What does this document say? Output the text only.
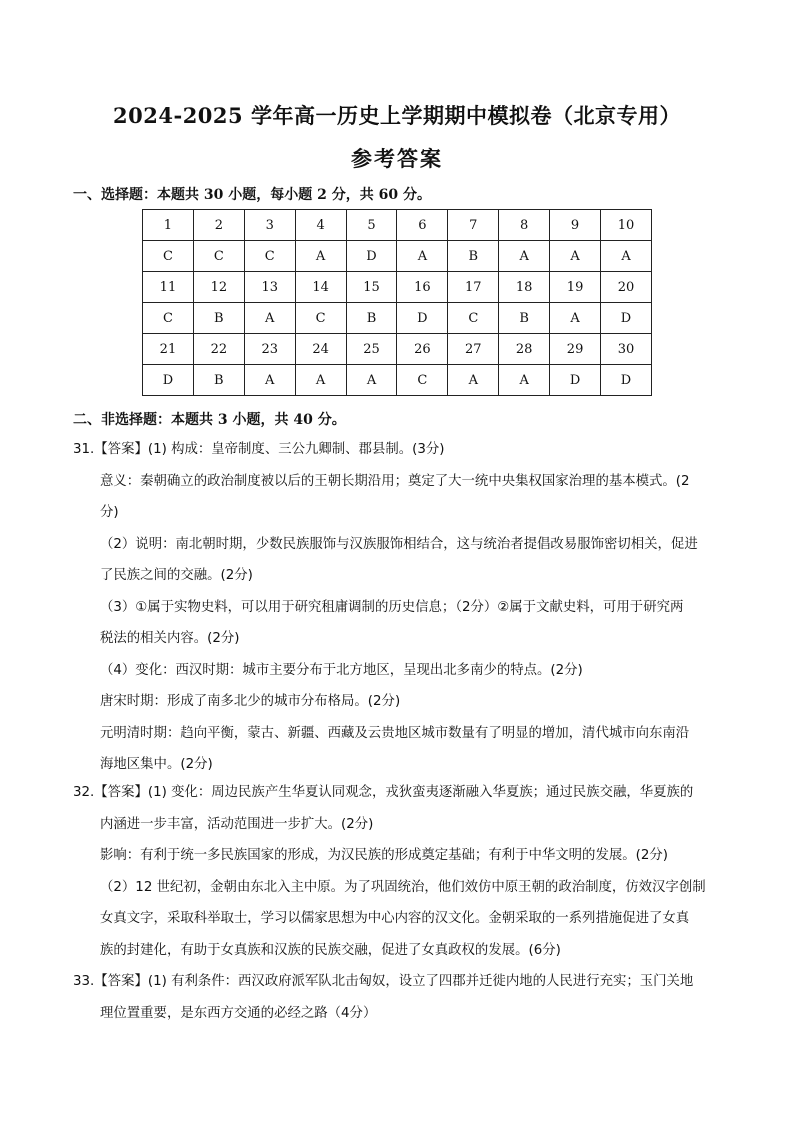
2024-2025 学年高一历史上学期期中模拟卷（北京专用）
参考答案
一、选择题：本题共 30 小题，每小题 2 分，共 60 分。
1	2	3	4	5	6	7	8	9	10
C	C	C	A	D	A	B	A	A	A
11	12	13	14	15	16	17	18	19	20
C	B	A	C	B	D	C	B	A	D
21	22	23	24	25	26	27	28	29	30
D	B	A	A	A	C	A	A	D	D
二、非选择题：本题共 3 小题，共 40 分。
31.【答案】(1) 构成：皇帝制度、三公九卿制、郡县制。(3分)
意义：秦朝确立的政治制度被以后的王朝长期沿用；奠定了大一统中央集权国家治理的基本模式。(2
分)
（2）说明：南北朝时期，少数民族服饰与汉族服饰相结合，这与统治者提倡改易服饰密切相关，促进
了民族之间的交融。(2分)
（3）①属于实物史料，可以用于研究租庸调制的历史信息；（2分）②属于文献史料，可用于研究两
税法的相关内容。(2分)
（4）变化：西汉时期：城市主要分布于北方地区，呈现出北多南少的特点。(2分)
唐宋时期：形成了南多北少的城市分布格局。(2分)
元明清时期：趋向平衡，蒙古、新疆、西藏及云贵地区城市数量有了明显的增加，清代城市向东南沿
海地区集中。(2分)
32.【答案】(1) 变化：周边民族产生华夏认同观念，戎狄蛮夷逐渐融入华夏族；通过民族交融，华夏族的
内涵进一步丰富，活动范围进一步扩大。(2分)
影响：有利于统一多民族国家的形成，为汉民族的形成奠定基础；有利于中华文明的发展。(2分)
（2）12 世纪初，金朝由东北入主中原。为了巩固统治，他们效仿中原王朝的政治制度，仿效汉字创制
女真文字，采取科举取士，学习以儒家思想为中心内容的汉文化。金朝采取的一系列措施促进了女真
族的封建化，有助于女真族和汉族的民族交融，促进了女真政权的发展。(6分)
33.【答案】(1) 有利条件：西汉政府派军队北击匈奴，设立了四郡并迁徙内地的人民进行充实；玉门关地
理位置重要，是东西方交通的必经之路（4分）
